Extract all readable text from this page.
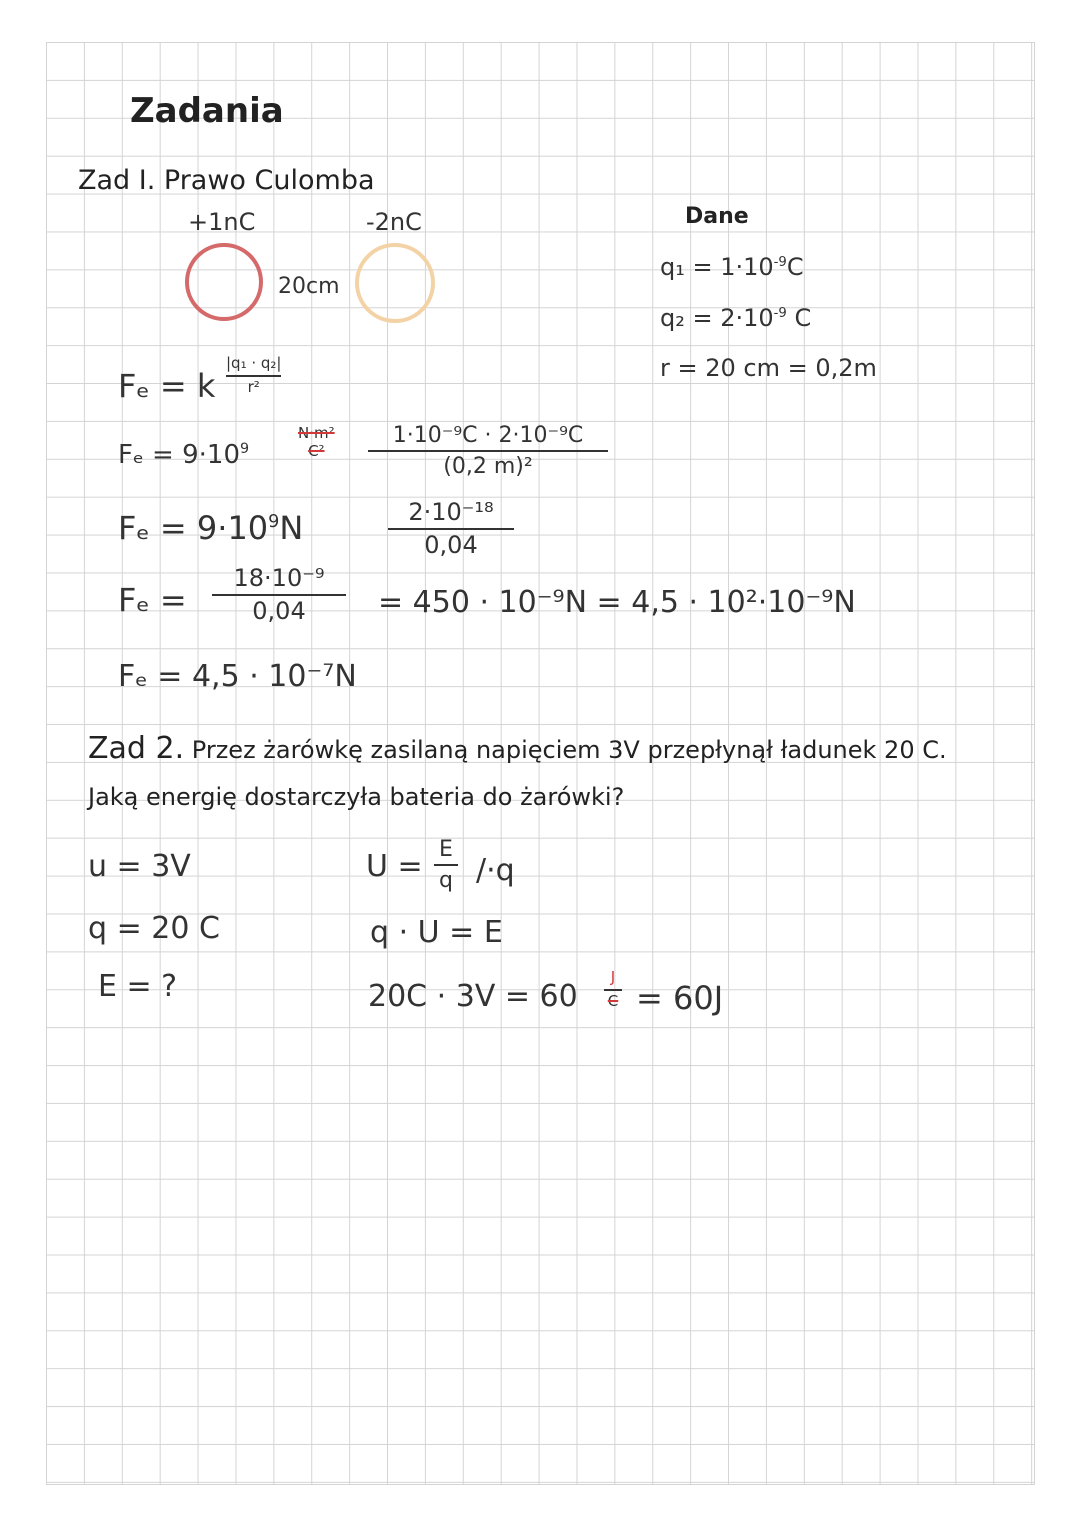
Zadania
Zad I. Prawo Culomba
+1nC	-2nC
20cm
Dane
$q_1 = 1\cdot 10^{-9}C$
$q_2 = 2\cdot 10^{-9}$ C
r = 20 cm = 0,2m
Fₑ = k
|q₁ · q₂|
r²
$F_e = 9\cdot 10^9$
N·m²
C²
1·10⁻⁹C · 2·10⁻⁹C
(0,2 m)²
$F_e = 9\cdot 10^9N$	2·10⁻¹⁸
0,04
Fₑ =
18·10⁻⁹
0,04 = 450 · 10⁻⁹N = 4,5 · 10²·10⁻⁹N
Fₑ = 4,5 · 10⁻⁷N
Zad 2. Przez żarówkę zasilaną napięciem 3V przepłynął ładunek 20 C.
Jaką energię dostarczyła bateria do żarówki?
u = 3V
q = 20 C
E = ?
U = E
q /·q
q · U = E
20C · 3V = 60
J
C = 60J
